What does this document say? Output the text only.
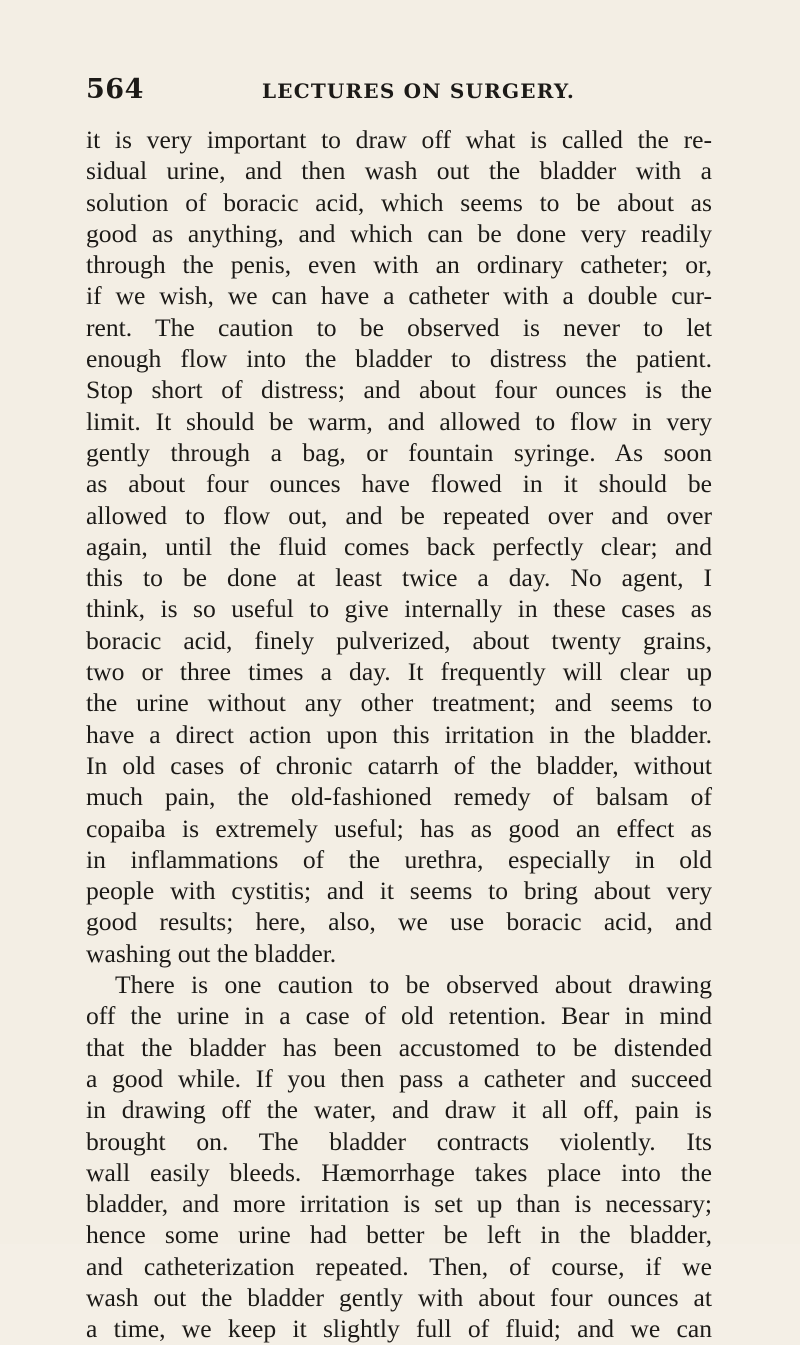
564	LECTURES ON SURGERY.
it is very important to draw off what is called the re-
sidual urine, and then wash out the bladder with a
solution of boracic acid, which seems to be about as
good as anything, and which can be done very readily
through the penis, even with an ordinary catheter; or,
if we wish, we can have a catheter with a double cur-
rent. The caution to be observed is never to let
enough flow into the bladder to distress the patient.
Stop short of distress; and about four ounces is the
limit. It should be warm, and allowed to flow in very
gently through a bag, or fountain syringe. As soon
as about four ounces have flowed in it should be
allowed to flow out, and be repeated over and over
again, until the fluid comes back perfectly clear; and
this to be done at least twice a day. No agent, I
think, is so useful to give internally in these cases as
boracic acid, finely pulverized, about twenty grains,
two or three times a day. It frequently will clear up
the urine without any other treatment; and seems to
have a direct action upon this irritation in the bladder.
In old cases of chronic catarrh of the bladder, without
much pain, the old-fashioned remedy of balsam of
copaiba is extremely useful; has as good an effect as
in inflammations of the urethra, especially in old
people with cystitis; and it seems to bring about very
good results; here, also, we use boracic acid, and
washing out the bladder.
There is one caution to be observed about drawing
off the urine in a case of old retention. Bear in mind
that the bladder has been accustomed to be distended
a good while. If you then pass a catheter and succeed
in drawing off the water, and draw it all off, pain is
brought on. The bladder contracts violently. Its
wall easily bleeds. Hæmorrhage takes place into the
bladder, and more irritation is set up than is necessary;
hence some urine had better be left in the bladder,
and catheterization repeated. Then, of course, if we
wash out the bladder gently with about four ounces at
a time, we keep it slightly full of fluid; and we can
